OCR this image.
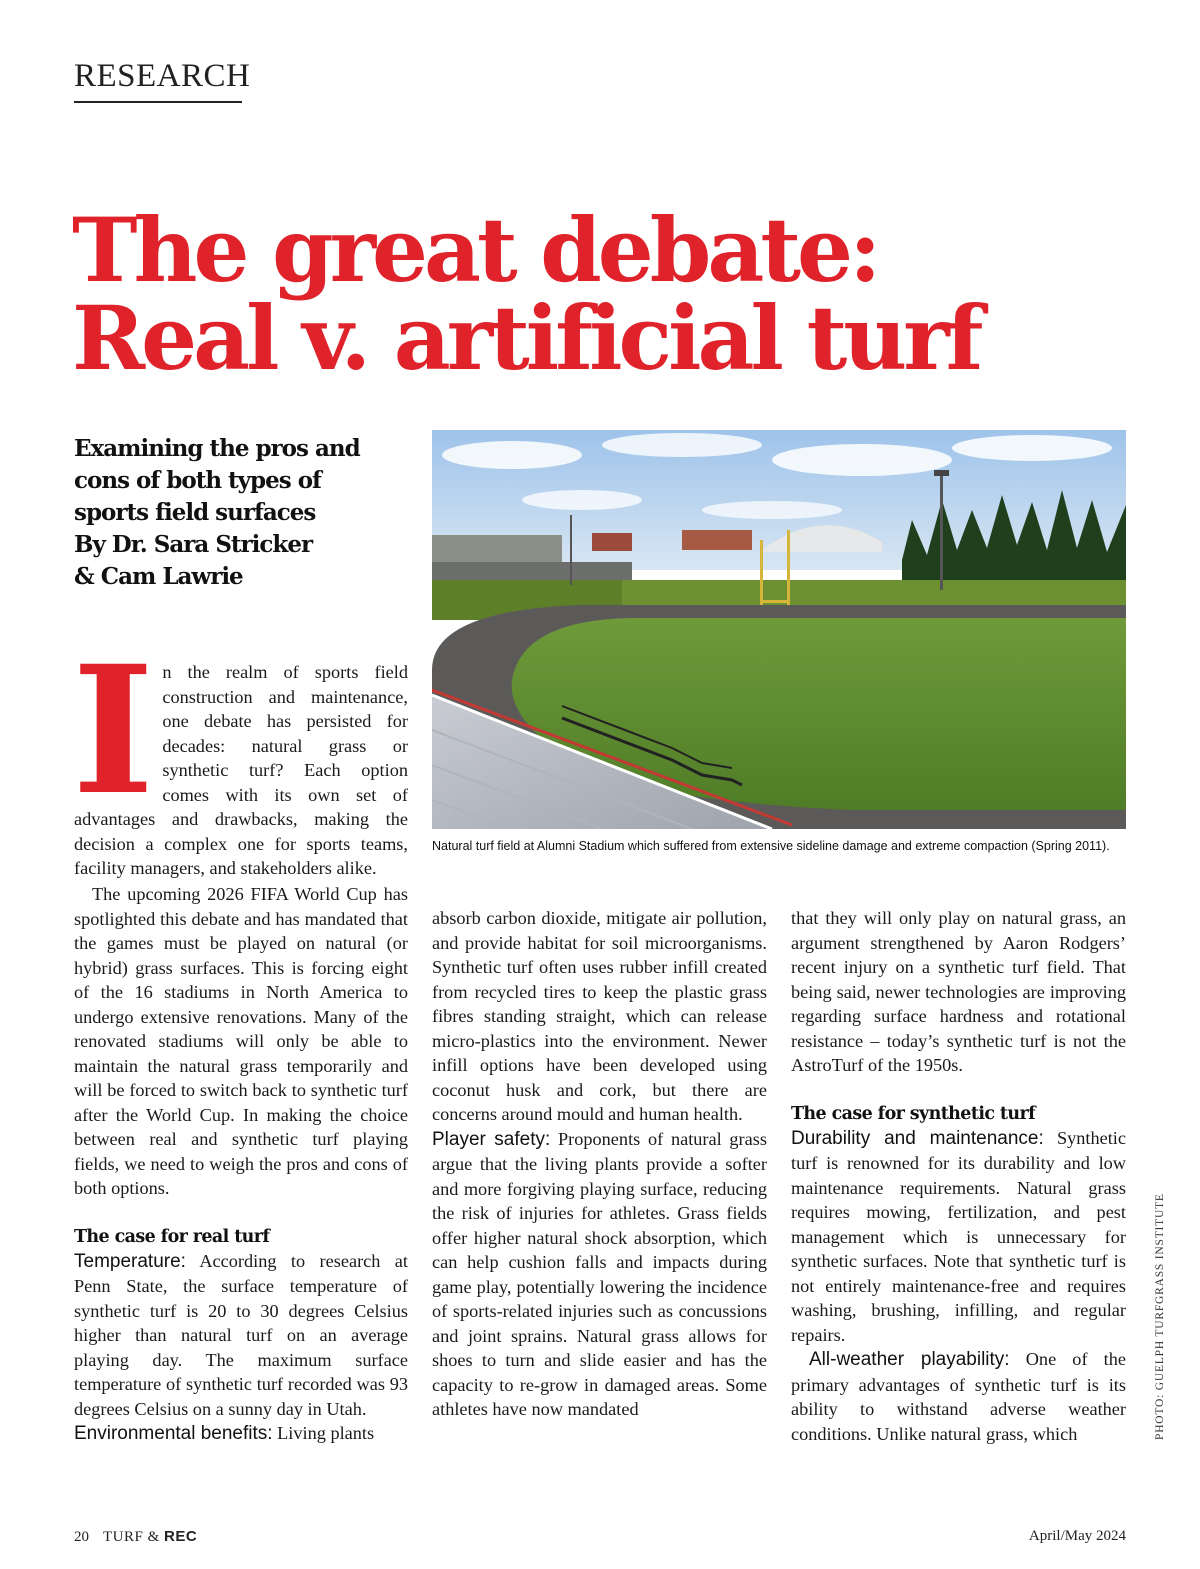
RESEARCH
The great debate:
Real v. artificial turf
Examining the pros and
cons of both types of
sports field surfaces
By Dr. Sara Stricker
& Cam Lawrie
Natural turf field at Alumni Stadium which suffered from extensive sideline damage and extreme compaction (Spring 2011).

In the realm of sports field construction and maintenance, one debate has persisted for decades: natural grass or synthetic turf? Each option comes with its own set of advantages and drawbacks, making the decision a complex one for sports teams, facility managers, and stakeholders alike.

The upcoming 2026 FIFA World Cup has spotlighted this debate and has mandated that the games must be played on natural (or hybrid) grass surfaces. This is forcing eight of the 16 stadiums in North America to undergo extensive renovations. Many of the renovated stadiums will only be able to maintain the natural grass temporarily and will be forced to switch back to synthetic turf after the World Cup. In making the choice between real and synthetic turf playing fields, we need to weigh the pros and cons of both options.

The case for real turf

Temperature: According to research at Penn State, the surface temperature of synthetic turf is 20 to 30 degrees Celsius higher than natural turf on an average playing day. The maximum surface temperature of synthetic turf recorded was 93 degrees Celsius on a sunny day in Utah.

Environmental benefits: Living plants

absorb carbon dioxide, mitigate air pollution, and provide habitat for soil microorganisms. Synthetic turf often uses rubber infill created from recycled tires to keep the plastic grass fibres standing straight, which can release micro-plastics into the environment. Newer infill options have been developed using coconut husk and cork, but there are concerns around mould and human health.

Player safety: Proponents of natural grass argue that the living plants provide a softer and more forgiving playing surface, reducing the risk of injuries for athletes. Grass fields offer higher natural shock absorption, which can help cushion falls and impacts during game play, potentially lowering the incidence of sports-related injuries such as concussions and joint sprains. Natural grass allows for shoes to turn and slide easier and has the capacity to re-grow in damaged areas. Some athletes have now mandated

that they will only play on natural grass, an argument strengthened by Aaron Rodgers’ recent injury on a synthetic turf field. That being said, newer technologies are improving regarding surface hardness and rotational resistance – today’s synthetic turf is not the AstroTurf of the 1950s.

The case for synthetic turf

Durability and maintenance: Synthetic turf is renowned for its durability and low maintenance requirements. Natural grass requires mowing, fertilization, and pest management which is unnecessary for synthetic surfaces. Note that synthetic turf is not entirely maintenance-free and requires washing, brushing, infilling, and regular repairs.

All-weather playability: One of the primary advantages of synthetic turf is its ability to withstand adverse weather conditions. Unlike natural grass, which	PHOTO: GUELPH TURFGRASS INSTITUTE
20 TURF & REC	April/May 2024
